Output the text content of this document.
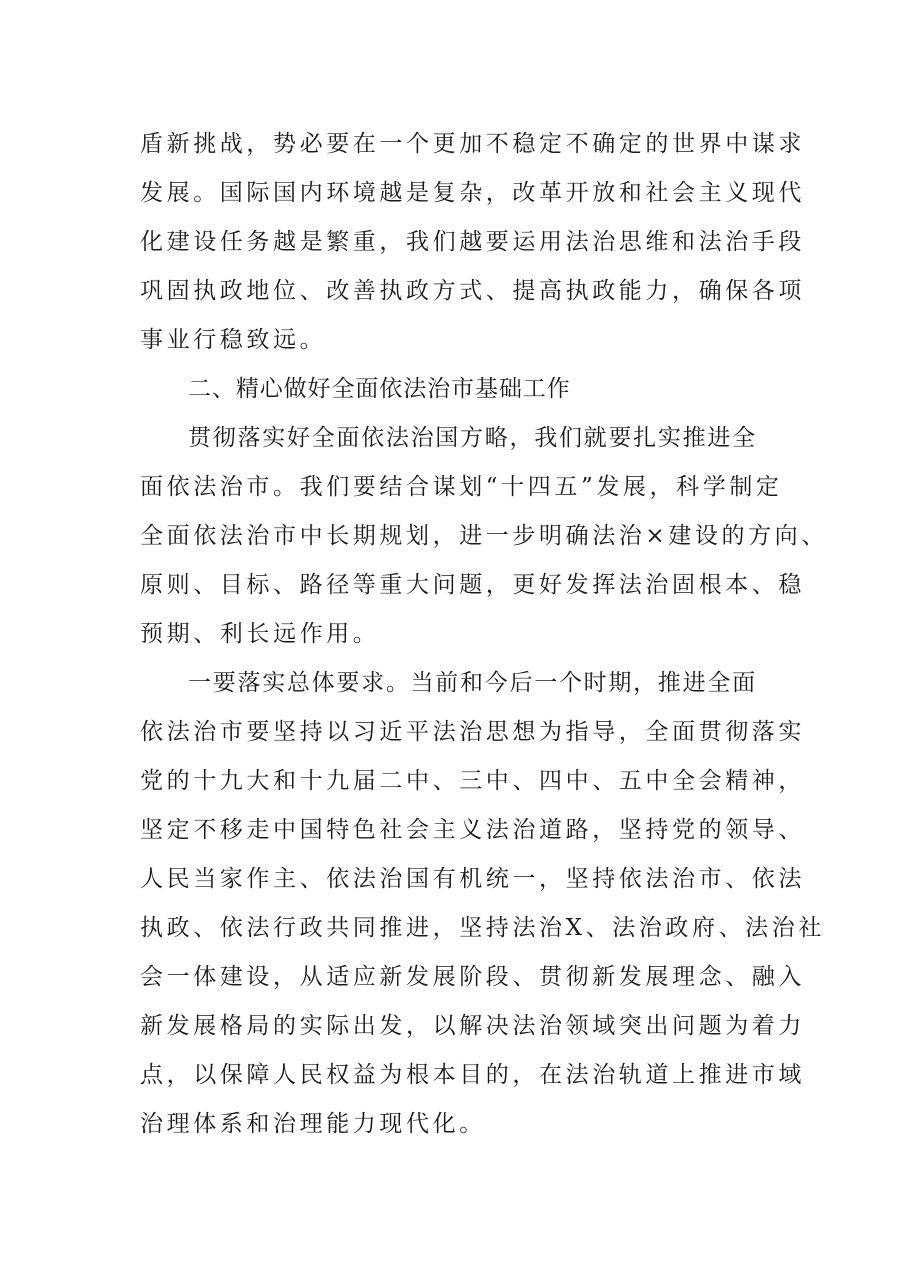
盾新挑战，势必要在一个更加不稳定不确定的世界中谋求
发展。国际国内环境越是复杂，改革开放和社会主义现代
化建设任务越是繁重，我们越要运用法治思维和法治手段
巩固执政地位、改善执政方式、提高执政能力，确保各项
事业行稳致远。
二、精心做好全面依法治市基础工作
贯彻落实好全面依法治国方略，我们就要扎实推进全
面依法治市。我们要结合谋划“十四五”发展，科学制定
全面依法治市中长期规划，进一步明确法治×建设的方向、
原则、目标、路径等重大问题，更好发挥法治固根本、稳
预期、利长远作用。
一要落实总体要求。当前和今后一个时期，推进全面
依法治市要坚持以习近平法治思想为指导，全面贯彻落实
党的十九大和十九届二中、三中、四中、五中全会精神，
坚定不移走中国特色社会主义法治道路，坚持党的领导、
人民当家作主、依法治国有机统一，坚持依法治市、依法
执政、依法行政共同推进，坚持法治X、法治政府、法治社
会一体建设，从适应新发展阶段、贯彻新发展理念、融入
新发展格局的实际出发，以解决法治领域突出问题为着力
点，以保障人民权益为根本目的，在法治轨道上推进市域
治理体系和治理能力现代化。
